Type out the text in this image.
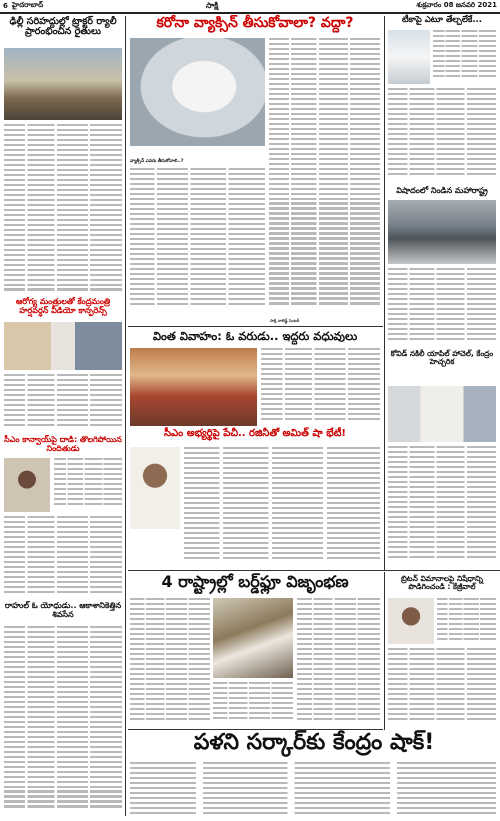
6 హైదరాబాద్	సాక్షి	శుక్రవారం 08 జనవరి 2021
ఢిల్లీ సరిహద్దుల్లో ట్రాక్టర్ ర్యాలీ ప్రారంభించిన రైతులు
ఆరోగ్య మంత్రులతో కేంద్రమంత్రి హర్షవర్ధన్ వీడియో కాన్ఫరెన్స్
సీఎం కాన్వాయ్‌పై దాడి: తొలగిపోయిన నిందితుడు
రాహుల్ ఓ యోధుడు.. ఆకాశానికెత్తిన శివసేన
కరోనా వ్యాక్సిన్ తీసుకోవాలా? వద్దా?
వ్యాక్సిన్ ఎవరు తీసుకోవాలి..?
సాక్షి నాలెడ్జ్ సెంటర్
వింత వివాహం: ఓ వరుడు.. ఇద్దరు వధువులు
సీఎం అభ్యర్థిపై పేచీ.. రజినీతో అమిత్ షా భేటీ!
4 రాష్ట్రాల్లో బర్డ్‌ఫ్లూ విజృంభణ
పళని సర్కార్‌కు కేంద్రం షాక్!
టీకాపై ఎటూ తేల్చలేకే...
విషాదంలో నిండిన మహారాష్ట్ర
కోవిడ్ నకిలీ యాపిల్ హాచెల్, కేంద్రం హెచ్చరిక
బ్రిటన్ విమానాలపై నిషేధాన్ని పొడిగించండి : కేజ్రీవాల్
